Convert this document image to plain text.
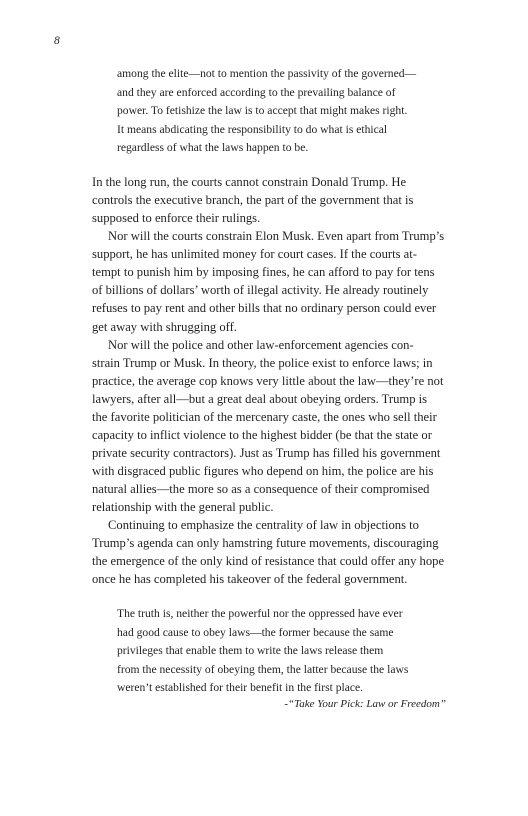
8
among the elite—not to mention the passivity of the governed—
and they are enforced according to the prevailing balance of
power. To fetishize the law is to accept that might makes right.
It means abdicating the responsibility to do what is ethical
regardless of what the laws happen to be.
In the long run, the courts cannot constrain Donald Trump. He
controls the executive branch, the part of the government that is
supposed to enforce their rulings.
Nor will the courts constrain Elon Musk. Even apart from Trump’s
support, he has unlimited money for court cases. If the courts at-
tempt to punish him by imposing fines, he can afford to pay for tens
of billions of dollars’ worth of illegal activity. He already routinely
refuses to pay rent and other bills that no ordinary person could ever
get away with shrugging off.
Nor will the police and other law-enforcement agencies con-
strain Trump or Musk. In theory, the police exist to enforce laws; in
practice, the average cop knows very little about the law—they’re not
lawyers, after all—but a great deal about obeying orders. Trump is
the favorite politician of the mercenary caste, the ones who sell their
capacity to inflict violence to the highest bidder (be that the state or
private security contractors). Just as Trump has filled his government
with disgraced public figures who depend on him, the police are his
natural allies—the more so as a consequence of their compromised
relationship with the general public.
Continuing to emphasize the centrality of law in objections to
Trump’s agenda can only hamstring future movements, discouraging
the emergence of the only kind of resistance that could offer any hope
once he has completed his takeover of the federal government.
The truth is, neither the powerful nor the oppressed have ever
had good cause to obey laws—the former because the same
privileges that enable them to write the laws release them
from the necessity of obeying them, the latter because the laws
weren’t established for their benefit in the first place.
-“Take Your Pick: Law or Freedom”
